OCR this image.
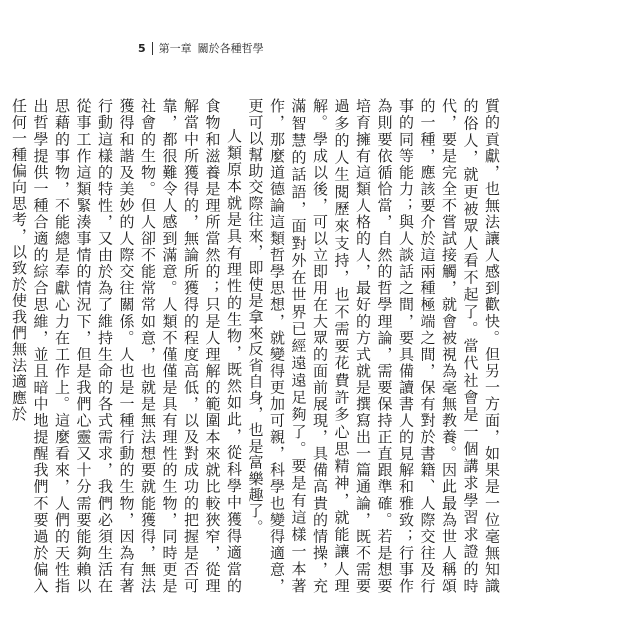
5 第一章 關於各種哲學

質的貢獻，也無法讓人感到歡快。但另一方面，如果是一位毫無知識的俗人，就更被眾人看不起了。當代社會是一個講求學習求證的時代，要是完全不嘗試接觸，就會被視為毫無教養。因此最為世人稱頌的一種，應該要介於這兩種極端之間，保有對於書籍、人際交往及行事的同等能力；與人談話之間，要具備讀書人的見解和雅致；行事作為則要依循恰當，自然的哲學理論，需要保持正直跟準確。若是想要培育擁有這類人格的人，最好的方式就是撰寫出一篇通論，既不需要過多的人生閱歷來支持，也不需要花費許多心思精神，就能讓人理解。學成以後，可以立即用在大眾的面前展現，具備高貴的情操，充滿智慧的話語，面對外在世界已經遠遠足夠了。要是有這樣一本著作，那麼道德論這類哲學思想，就變得更加可親，科學也變得適意，更可以幫助交際往來，即使是拿來反省自身，也是富樂趣了。

人類原本就是具有理性的生物，既然如此，從科學中獲得適當的食物和滋養是理所當然的；只是人理解的範圍本來就比較狹窄，從理解當中所獲得的，無論所獲得的程度高低，以及對成功的把握是否可靠，都很難令人感到滿意。人類不僅僅是具有理性的生物，同時更是社會的生物。但人卻不能常常如意，也就是無法想要就能獲得，無法獲得和諧及美妙的人際交往關係。人也是一種行動的生物，因為有著行動這樣的特性，又由於為了維持生命的各式需求，我們必須生活在從事工作這類緊湊事情的情況下，但是我們心靈又十分需要能夠賴以思藉的事物，不能總是奉獻心力在工作上。這麼看來，人們的天性指出哲學提供一種合適的綜合思維，並且暗中地提醒我們不要過於偏入任何一種偏向思考，以致於使我們無法適應於
